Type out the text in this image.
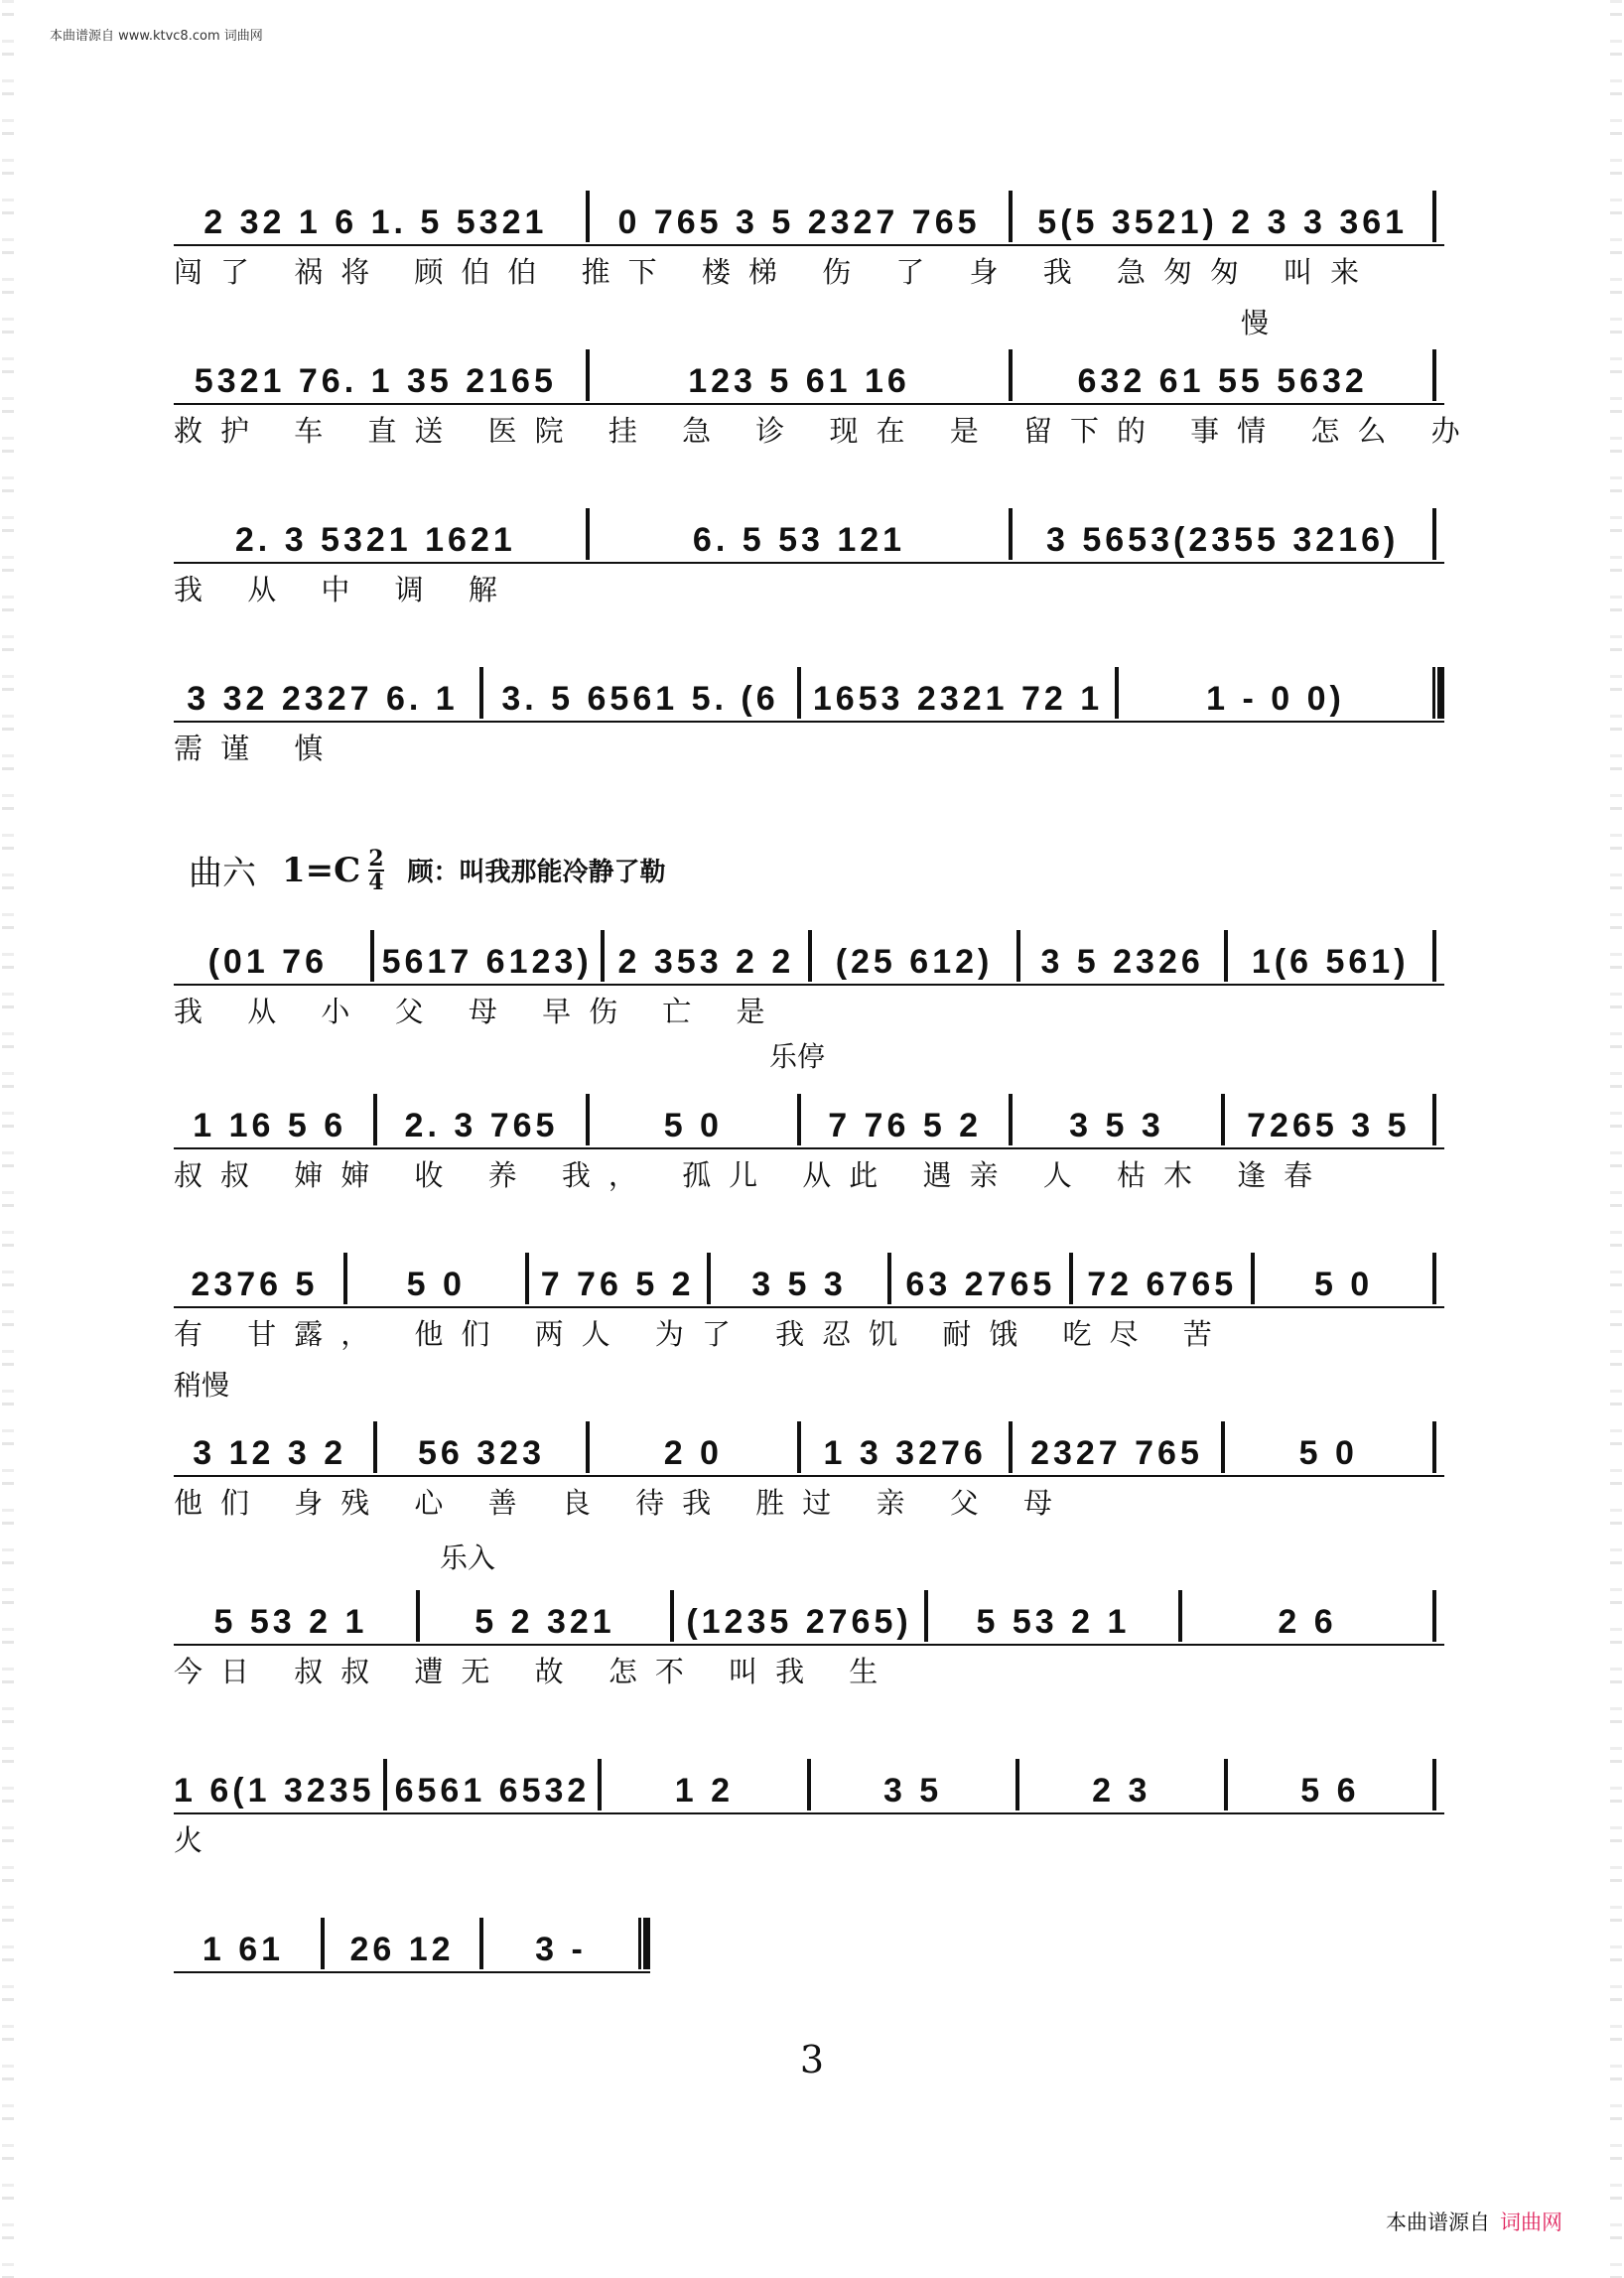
本曲谱源自 www.ktvc8.com 词曲网
2 32 1 6 1. 5 5321	0 765 3 5 2327 765	5(5 3521) 2 3 3 361
闯了 祸将 顾伯伯 推下 楼梯 伤 了 身 我 急匆匆 叫来
慢
5321 76. 1 35 2165	123 5 61 16	632 61 55 5632
救护 车 直送 医院 挂 急 诊 现在 是 留下的 事情 怎么 办
2. 3 5321 1621	6. 5 53 121	3 5653(2355 3216)
我 从 中 调 解
3 32 2327 6. 1	3. 5 6561 5. (6	1653 2321 72 1	1 - 0 0)
需谨 慎
曲六 $1=C \frac{2}{4}$ 顾：叫我那能冷静了勒
乐停
(01 76	5617 6123) 2 353 2 2	(25 612)	3 5 2326	1(6 561)
我 从 小 父 母 早伤 亡 是
1 16 5 6	2. 3 765	5 0	7 76 5 2	3 5 3	7265 3 5
叔叔 婶婶 收 养 我， 孤儿 从此 遇亲 人 枯木 逢春
稍慢
2376 5	5 0	7 76 5 2	3 5 3	63 2765 72 6765	5 0
有 甘露， 他们 两人 为了 我忍饥 耐饿 吃尽 苦
乐入
3 12 3 2	56 323	2 0	1 3 3276	2327 765	5 0
他们 身残 心 善 良 待我 胜过 亲 父 母
5 53 2 1	5 2 321	(1235 2765)	5 53 2 1	2 6
今日 叔叔 遭无 故 怎不 叫我 生
1 6(1 3235 6561 6532	1 2	3 5	2 3	5 6
火
1 61	26 12	3 -
3
本曲谱源自 词曲网
